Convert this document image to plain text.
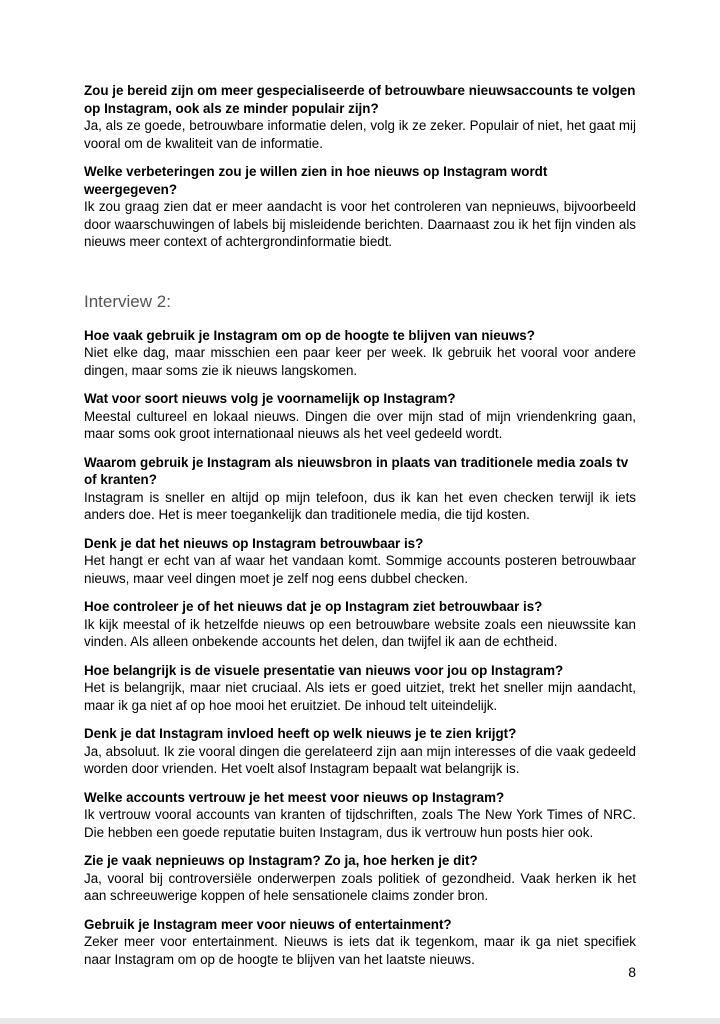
Zou je bereid zijn om meer gespecialiseerde of betrouwbare nieuwsaccounts te volgen op Instagram, ook als ze minder populair zijn?
Ja, als ze goede, betrouwbare informatie delen, volg ik ze zeker. Populair of niet, het gaat mij vooral om de kwaliteit van de informatie.
Welke verbeteringen zou je willen zien in hoe nieuws op Instagram wordt weergegeven?
Ik zou graag zien dat er meer aandacht is voor het controleren van nepnieuws, bijvoorbeeld door waarschuwingen of labels bij misleidende berichten. Daarnaast zou ik het fijn vinden als nieuws meer context of achtergrondinformatie biedt.
Interview 2:
Hoe vaak gebruik je Instagram om op de hoogte te blijven van nieuws?
Niet elke dag, maar misschien een paar keer per week. Ik gebruik het vooral voor andere dingen, maar soms zie ik nieuws langskomen.
Wat voor soort nieuws volg je voornamelijk op Instagram?
Meestal cultureel en lokaal nieuws. Dingen die over mijn stad of mijn vriendenkring gaan, maar soms ook groot internationaal nieuws als het veel gedeeld wordt.
Waarom gebruik je Instagram als nieuwsbron in plaats van traditionele media zoals tv of kranten?
Instagram is sneller en altijd op mijn telefoon, dus ik kan het even checken terwijl ik iets anders doe. Het is meer toegankelijk dan traditionele media, die tijd kosten.
Denk je dat het nieuws op Instagram betrouwbaar is?
Het hangt er echt van af waar het vandaan komt. Sommige accounts posteren betrouwbaar nieuws, maar veel dingen moet je zelf nog eens dubbel checken.
Hoe controleer je of het nieuws dat je op Instagram ziet betrouwbaar is?
Ik kijk meestal of ik hetzelfde nieuws op een betrouwbare website zoals een nieuwssite kan vinden. Als alleen onbekende accounts het delen, dan twijfel ik aan de echtheid.
Hoe belangrijk is de visuele presentatie van nieuws voor jou op Instagram?
Het is belangrijk, maar niet cruciaal. Als iets er goed uitziet, trekt het sneller mijn aandacht, maar ik ga niet af op hoe mooi het eruitziet. De inhoud telt uiteindelijk.
Denk je dat Instagram invloed heeft op welk nieuws je te zien krijgt?
Ja, absoluut. Ik zie vooral dingen die gerelateerd zijn aan mijn interesses of die vaak gedeeld worden door vrienden. Het voelt alsof Instagram bepaalt wat belangrijk is.
Welke accounts vertrouw je het meest voor nieuws op Instagram?
Ik vertrouw vooral accounts van kranten of tijdschriften, zoals The New York Times of NRC. Die hebben een goede reputatie buiten Instagram, dus ik vertrouw hun posts hier ook.
Zie je vaak nepnieuws op Instagram? Zo ja, hoe herken je dit?
Ja, vooral bij controversiële onderwerpen zoals politiek of gezondheid. Vaak herken ik het aan schreeuwerige koppen of hele sensationele claims zonder bron.
Gebruik je Instagram meer voor nieuws of entertainment?
Zeker meer voor entertainment. Nieuws is iets dat ik tegenkom, maar ik ga niet specifiek naar Instagram om op de hoogte te blijven van het laatste nieuws.
8
